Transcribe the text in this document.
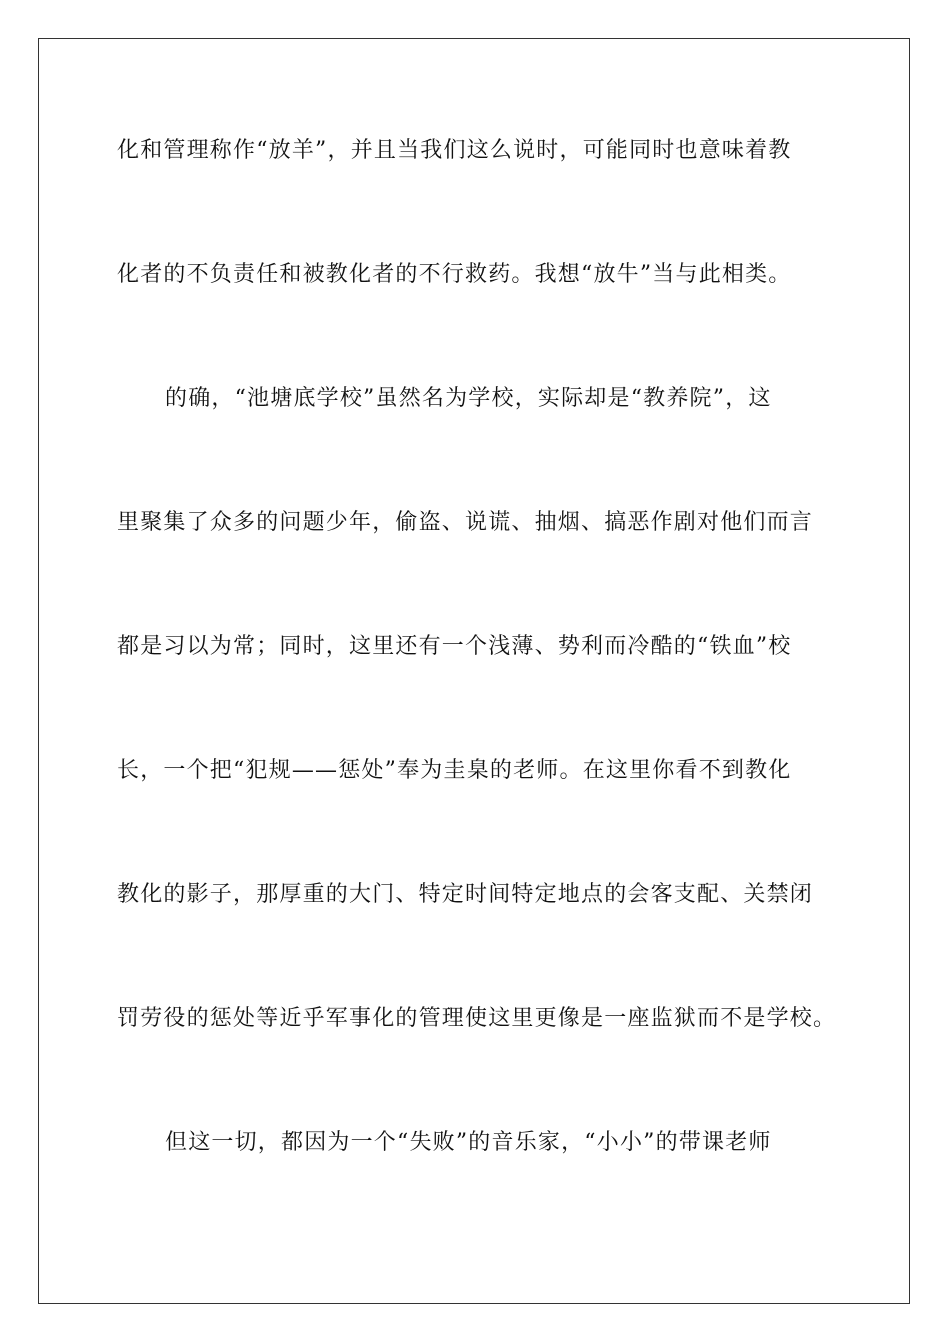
化和管理称作“放羊”，并且当我们这么说时，可能同时也意味着教

化者的不负责任和被教化者的不行救药。我想“放牛”当与此相类。

的确，“池塘底学校”虽然名为学校，实际却是“教养院”，这

里聚集了众多的问题少年，偷盗、说谎、抽烟、搞恶作剧对他们而言

都是习以为常；同时，这里还有一个浅薄、势利而冷酷的“铁血”校

长，一个把“犯规——惩处”奉为圭臬的老师。在这里你看不到教化

教化的影子，那厚重的大门、特定时间特定地点的会客支配、关禁闭

罚劳役的惩处等近乎军事化的管理使这里更像是一座监狱而不是学校。

但这一切，都因为一个“失败”的音乐家，“小小”的带课老师
